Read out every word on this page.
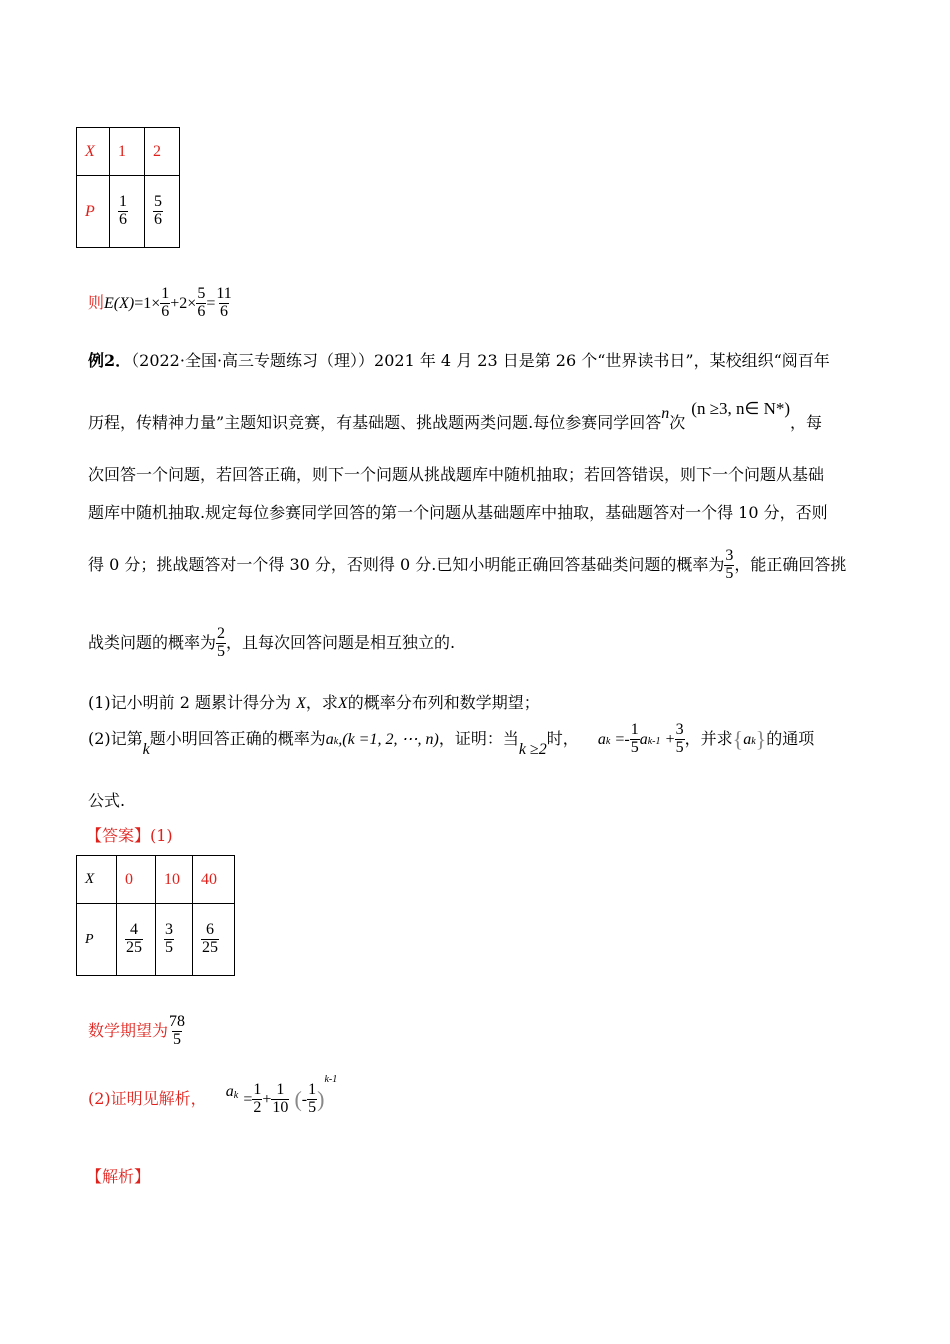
X	1	2
P	$\frac{1}{6}$	$\frac{5}{6}$
则$E(X)=1\times \frac{1}{6} +2\times \frac{5}{6} = \frac{11}{6}$
例2．（2022·全国·高三专题练习（理））2021 年 4 月 23 日是第 26 个“世界读书日”，某校组织“阅百年
历程，传精神力量”主题知识竞赛，有基础题、挑战题两类问题.每位参赛同学回答n次(n ≥3, n∈ N*)，每
次回答一个问题，若回答正确，则下一个问题从挑战题库中随机抽取；若回答错误，则下一个问题从基础
题库中随机抽取.规定每位参赛同学回答的第一个问题从基础题库中抽取，基础题答对一个得 10 分，否则
得 0 分；挑战题答对一个得 30 分，否则得 0 分.已知小明能正确回答基础类问题的概率为 $\frac{3}{5}$ ，能正确回答挑
战类问题的概率为 $\frac{2}{5}$ ，且每次回答问题是相互独立的.
(1)记小明前 2 题累计得分为 X，求X的概率分布列和数学期望；
(2)记第k题小明回答正确的概率为ak,(k =1, 2, ⋯, n)，证明：当k ≥2时， ak =- $\frac{1}{5} ak-1 + \frac{3}{5}$ ，并求{ak}的通项
公式.
【答案】(1)
X	0	10	40
P	$\frac{4}{25}$	$\frac{3}{5}$	$\frac{6}{25}$
数学期望为 $\frac{78}{5}$
(2)证明见解析， $a^k = \frac{1}{2} + \frac{1}{10}$ (- $\frac{1}{5} )^{k-1}$
【解析】
